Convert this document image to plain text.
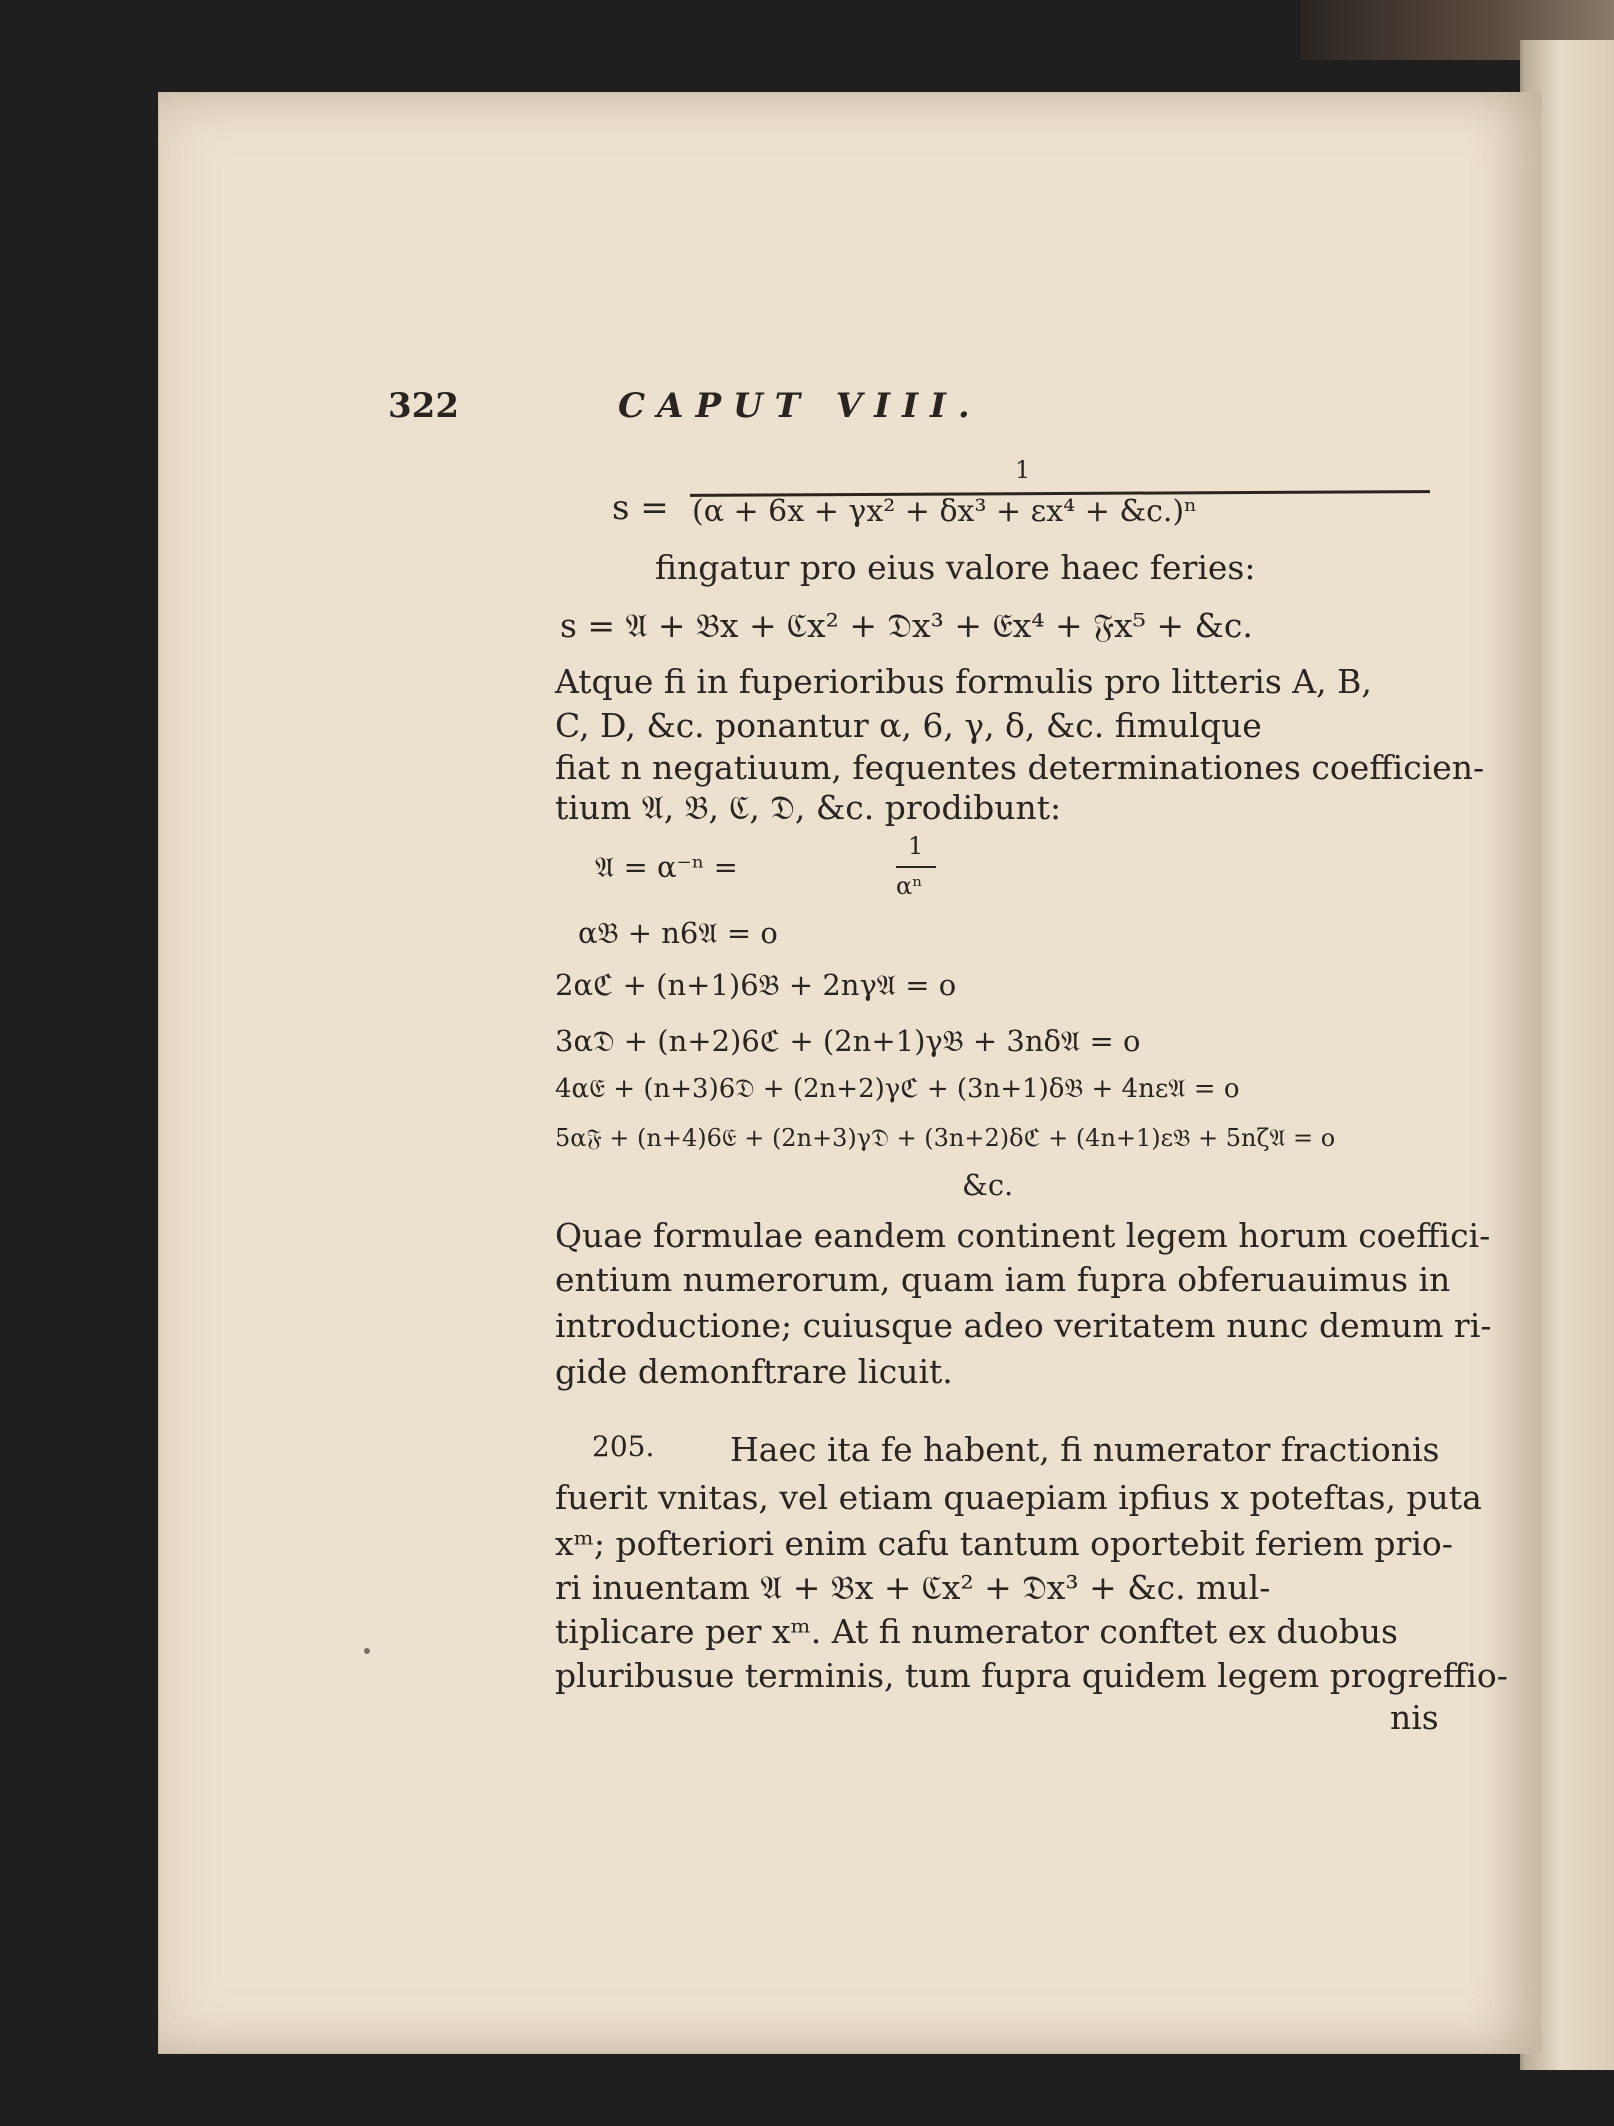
322	CAPUT VIII.
1
s = (α + 6x + γx² + δx³ + εx⁴ + &c.)ⁿ
fingatur pro eius valore haec feries:
s = 𝔄 + 𝔅x + ℭx² + 𝔇x³ + 𝔈x⁴ + 𝔉x⁵ + &c.
Atque fi in fuperioribus formulis pro litteris A, B,
C, D, &c. ponantur α, 6, γ, δ, &c. fimulque
fiat n negatiuum, fequentes determinationes coefficien-
tium 𝔄, 𝔅, ℭ, 𝔇, &c. prodibunt:
𝔄 = α⁻ⁿ =
1
αⁿ
α𝔅 + n6𝔄 = o
2αℭ + (n+1)6𝔅 + 2nγ𝔄 = o
3α𝔇 + (n+2)6ℭ + (2n+1)γ𝔅 + 3nδ𝔄 = o
4α𝔈 + (n+3)6𝔇 + (2n+2)γℭ + (3n+1)δ𝔅 + 4nε𝔄 = o
5α𝔉 + (n+4)6𝔈 + (2n+3)γ𝔇 + (3n+2)δℭ + (4n+1)ε𝔅 + 5nζ𝔄 = o
&c.
Quae formulae eandem continent legem horum coeffici-
entium numerorum, quam iam fupra obferuauimus in
introductione; cuiusque adeo veritatem nunc demum ri-
gide demonftrare licuit.
205. Haec ita fe habent, fi numerator fractionis
fuerit vnitas, vel etiam quaepiam ipfius x poteftas, puta
xᵐ; pofteriori enim cafu tantum oportebit feriem prio-
ri inuentam 𝔄 + 𝔅x + ℭx² + 𝔇x³ + &c. mul-
tiplicare per xᵐ. At fi numerator conftet ex duobus
pluribusue terminis, tum fupra quidem legem progreffio-
nis
